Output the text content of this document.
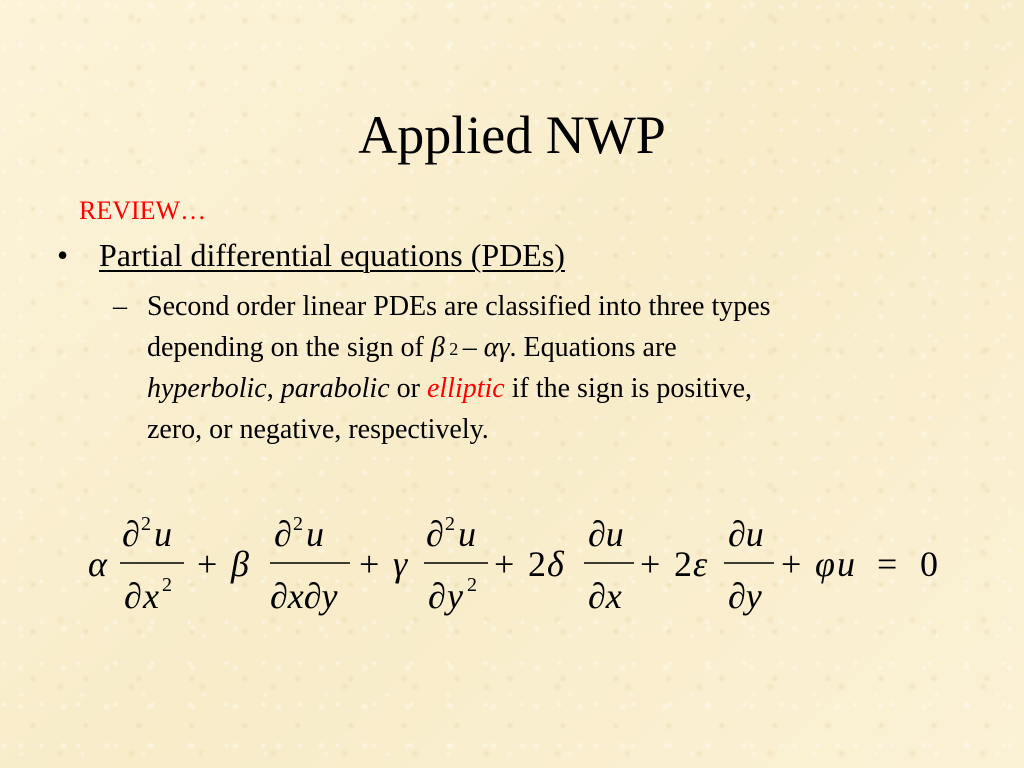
Applied NWP
REVIEW…
• Partial differential equations (PDEs)
– Second order linear PDEs are classified into three types
depending on the sign of β $^2$ – αγ. Equations are
hyperbolic, parabolic or elliptic if the sign is positive,
zero, or negative, respectively.
α
∂ 2 u
∂ x 2
+ β
∂ 2 u
∂x∂y
+ γ
∂ 2 u
∂ y 2
+ 2 δ
∂u
∂x
+ 2 ε
∂u
∂y
+ φ u = 0
